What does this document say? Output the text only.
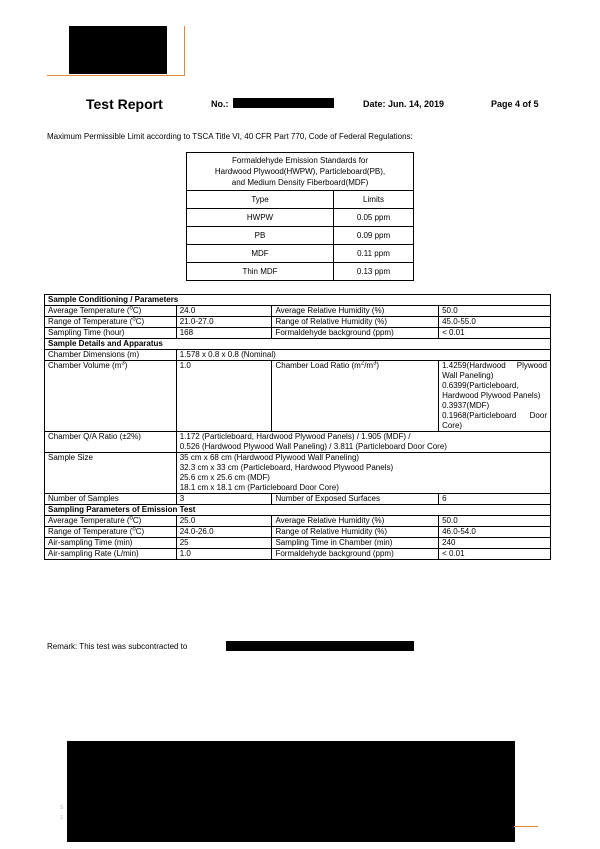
Test Report	No.:	Date: Jun. 14, 2019	Page 4 of 5
Maximum Permissible Limit according to TSCA Title VI, 40 CFR Part 770, Code of Federal Regulations:
Formaldehyde Emission Standards for
Hardwood Plywood(HWPW), Particleboard(PB),
and Medium Density Fiberboard(MDF)	

Type	Limits
HWPW	0.05 ppm
PB	0.09 ppm
MDF	0.11 ppm
Thin MDF	0.13 ppm
Sample Conditioning / Parameters			
Average Temperature ($^o$C)	24.0	Average Relative Humidity (%)	50.0
Range of Temperature ($^o$C)	21.0-27.0	Range of Relative Humidity (%)	45.0-55.0
Sampling Time (hour)	168	Formaldehyde background (ppm)	< 0.01
Sample Details and Apparatus			
Chamber Dimensions (m)	1.578 x 0.8 x 0.8 (Nominal)		
Chamber Volume $(m^3)$	1.0	Chamber Load Ratio $(m^2/m^3)$	1.4259(Hardwood Plywood Wall Paneling)
0.6399(Particleboard, Hardwood Plywood Panels)
0.3937(MDF)
0.1968(Particleboard Door Core)

Chamber Q/A Ratio (±2%)	1.172 (Particleboard, Hardwood Plywood Panels) / 1.905 (MDF) /
0.526 (Hardwood Plywood Wall Paneling) / 3.811 (Particleboard Door Core)		

Sample Size	35 cm x 68 cm (Hardwood Plywood Wall Paneling)
32.3 cm x 33 cm (Particleboard, Hardwood Plywood Panels)
25.6 cm x 25.6 cm (MDF)
18.1 cm x 18.1 cm (Particleboard Door Core)		

Number of Samples	3	Number of Exposed Surfaces	6
Sampling Parameters of Emission Test			
Average Temperature ($^o$C)	25.0	Average Relative Humidity (%)	50.0
Range of Temperature ($^o$C)	24.0-26.0	Range of Relative Humidity (%)	46.0-54.0
Air-sampling Time (min)	25	Sampling Time in Chamber (min)	240
Air-sampling Rate (L/min)	1.0	Formaldehyde background (ppm)	< 0.01
Remark: This test was subcontracted to
S
1
